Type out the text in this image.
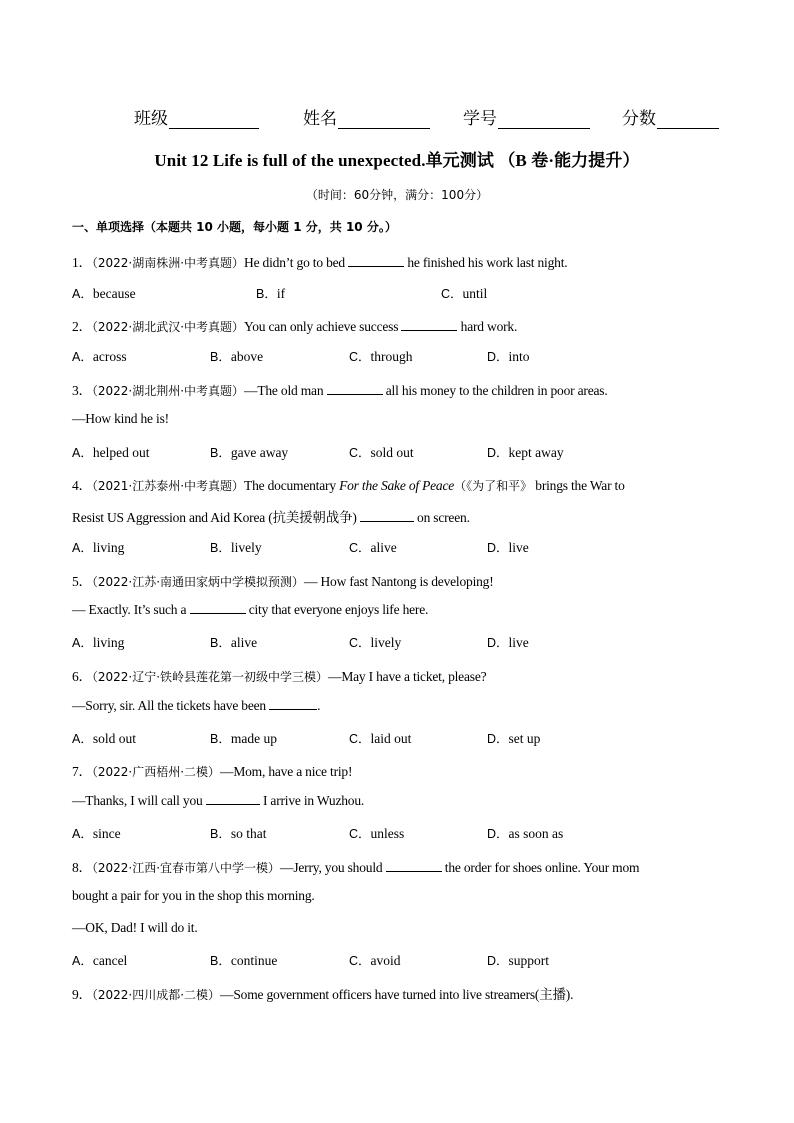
班级	姓名	学号	分数
Unit 12 Life is full of the unexpected.单元测试 （B 卷·能力提升）
（时间：60分钟，满分：100分）
一、单项选择（本题共 10 小题，每小题 1 分，共 10 分。）
1．（2022·湖南株洲·中考真题）He didn’t go to bed	he finished his work last night.
A．because	B．if	C．until
2．（2022·湖北武汉·中考真题）You can only achieve success	hard work.
A．across	B．above	C．through	D．into
3．（2022·湖北荆州·中考真题）—The old man	all his money to the children in poor areas.
—How kind he is!
A．helped out	B．gave away	C．sold out	D．kept away
4．（2021·江苏泰州·中考真题）The documentary For the Sake of Peace（《为了和平》 brings the War to
Resist US Aggression and Aid Korea (抗美援朝战争)	on screen.
A．living	B．lively	C．alive	D．live
5．（2022·江苏·南通田家炳中学模拟预测）— How fast Nantong is developing!
— Exactly. It’s such a	city that everyone enjoys life here.
A．living	B．alive	C．lively	D．live
6．（2022·辽宁·铁岭县莲花第一初级中学三模）—May I have a ticket, please?
—Sorry, sir. All the tickets have been	.
A．sold out	B．made up	C．laid out	D．set up
7．（2022·广西梧州·二模）—Mom, have a nice trip!
—Thanks, I will call you	I arrive in Wuzhou.
A．since	B．so that	C．unless	D．as soon as
8．（2022·江西·宜春市第八中学一模）—Jerry, you should	the order for shoes online. Your mom
bought a pair for you in the shop this morning.
—OK, Dad! I will do it.
A．cancel	B．continue	C．avoid	D．support
9．（2022·四川成都·二模）—Some government officers have turned into live streamers(主播).
